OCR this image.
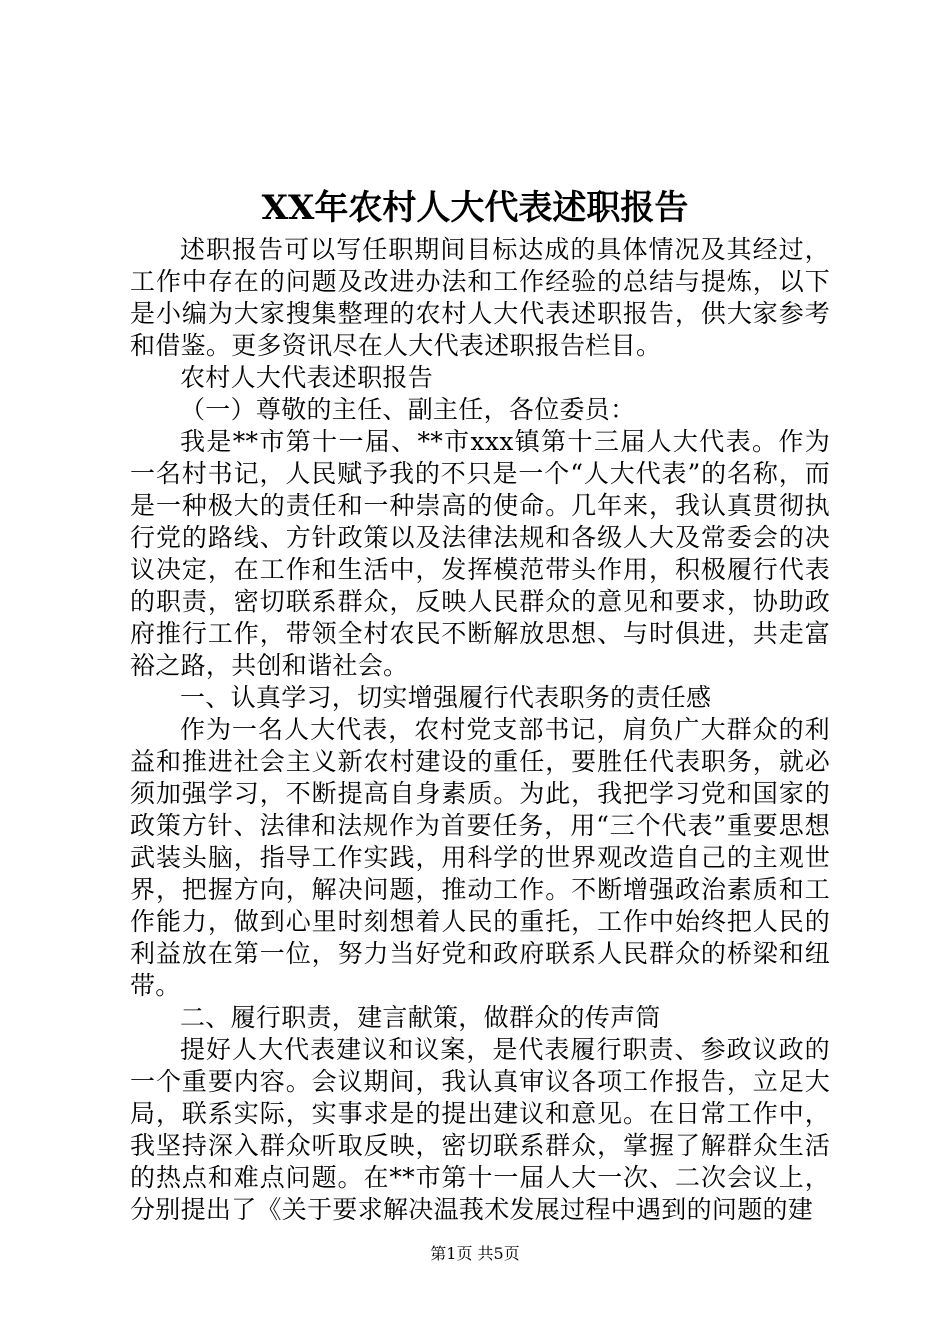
XX年农村人大代表述职报告

述职报告可以写任职期间目标达成的具体情况及其经过，工作中存在的问题及改进办法和工作经验的总结与提炼，以下是小编为大家搜集整理的农村人大代表述职报告，供大家参考和借鉴。更多资讯尽在人大代表述职报告栏目。

农村人大代表述职报告

（一）尊敬的主任、副主任，各位委员：

我是**市第十一届、**市xxx镇第十三届人大代表。作为一名村书记，人民赋予我的不只是一个“人大代表”的名称，而是一种极大的责任和一种崇高的使命。几年来，我认真贯彻执行党的路线、方针政策以及法律法规和各级人大及常委会的决议决定，在工作和生活中，发挥模范带头作用，积极履行代表的职责，密切联系群众，反映人民群众的意见和要求，协助政府推行工作，带领全村农民不断解放思想、与时俱进，共走富裕之路，共创和谐社会。

一、认真学习，切实增强履行代表职务的责任感

作为一名人大代表，农村党支部书记，肩负广大群众的利益和推进社会主义新农村建设的重任，要胜任代表职务，就必须加强学习，不断提高自身素质。为此，我把学习党和国家的政策方针、法律和法规作为首要任务，用“三个代表”重要思想武装头脑，指导工作实践，用科学的世界观改造自己的主观世界，把握方向，解决问题，推动工作。不断增强政治素质和工作能力，做到心里时刻想着人民的重托，工作中始终把人民的利益放在第一位，努力当好党和政府联系人民群众的桥梁和纽带。

二、履行职责，建言献策，做群众的传声筒

提好人大代表建议和议案，是代表履行职责、参政议政的一个重要内容。会议期间，我认真审议各项工作报告，立足大局，联系实际，实事求是的提出建议和意见。在日常工作中，我坚持深入群众听取反映，密切联系群众，掌握了解群众生活的热点和难点问题。在**市第十一届人大一次、二次会议上，分别提出了《关于要求解决温莪术发展过程中遇到的问题的建

第1页 共5页
